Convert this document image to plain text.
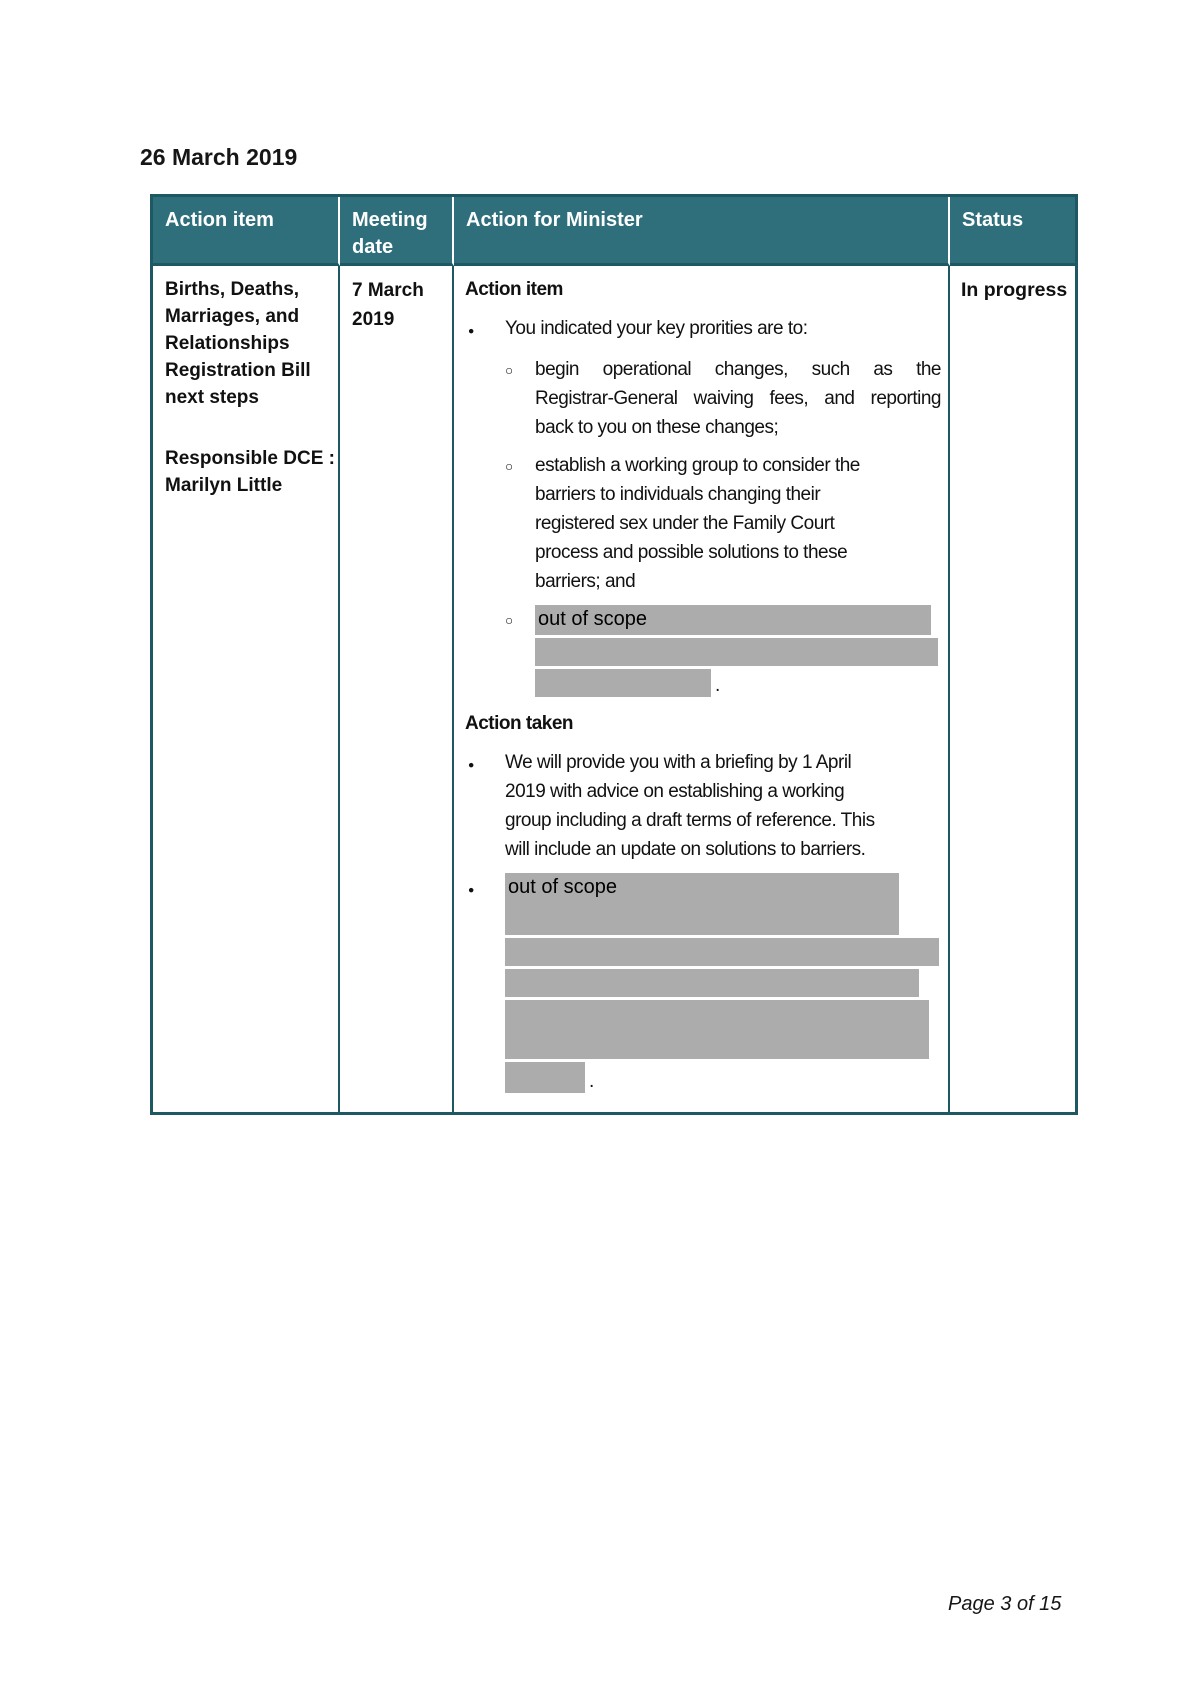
26 March 2019
Action item	Meeting date
Action for Minister	Status
Births, Deaths, Marriages, and Relationships Registration Bill next steps
Responsible DCE :
Marilyn Little
7 March 2019
Action item
●
You indicated your key prorities are to:
○
begin operational changes, such as the
Registrar-General waiving fees, and reporting
back to you on these changes;
○
establish a working group to consider the
barriers to individuals changing their
registered sex under the Family Court
process and possible solutions to these
barriers; and
○
out of scope
.
Action taken
●
We will provide you with a briefing by 1 April
2019 with advice on establishing a working
group including a draft terms of reference. This
will include an update on solutions to barriers.
●
out of scope
.
In progress
Page 3 of 15
